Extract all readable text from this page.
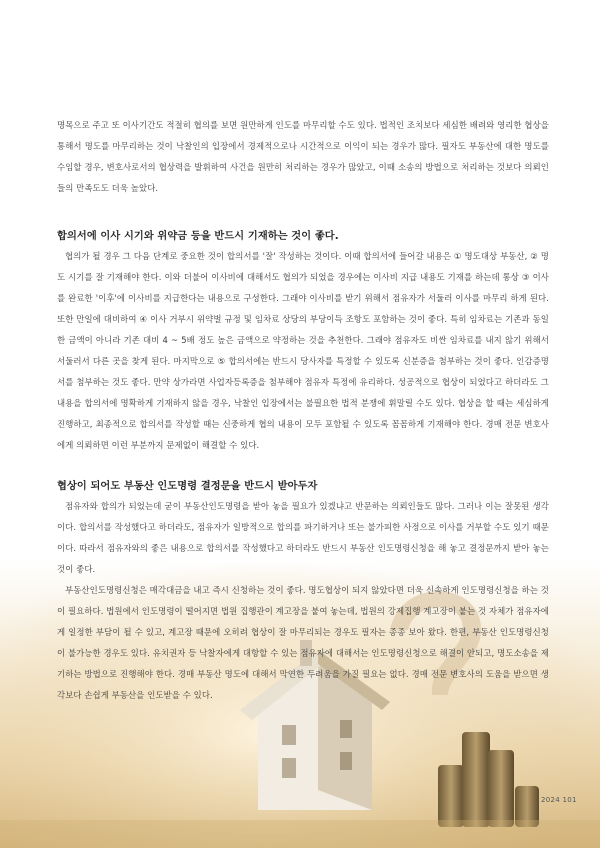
명목으로 주고 또 이사기간도 적절히 협의를 보면 원만하게 인도를 마무리할 수도 있다. 법적인 조치보다 세심한 배려와 영리한 협상을 통해서 명도를 마무리하는 것이 낙찰인의 입장에서 경제적으로나 시간적으로 이익이 되는 경우가 많다. 필자도 부동산에 대한 명도를 수임할 경우, 변호사로서의 협상력을 발휘하여 사건을 원만히 처리하는 경우가 많았고, 이때 소송의 방법으로 처리하는 것보다 의뢰인들의 만족도도 더욱 높았다.

합의서에 이사 시기와 위약금 등을 반드시 기재하는 것이 좋다.

협의가 될 경우 그 다음 단계로 중요한 것이 합의서를 '잘' 작성하는 것이다. 이때 합의서에 들어갈 내용은 ① 명도대상 부동산, ② 명도 시기를 잘 기재해야 한다. 이와 더불어 이사비에 대해서도 협의가 되었을 경우에는 이사비 지급 내용도 기재를 하는데 통상 ③ 이사를 완료한 '이후'에 이사비를 지급한다는 내용으로 구성한다. 그래야 이사비를 받기 위해서 점유자가 서둘러 이사를 마무리 하게 된다. 또한 만일에 대비하여 ④ 이사 거부시 위약벌 규정 및 임차료 상당의 부당이득 조항도 포함하는 것이 좋다. 특히 임차료는 기존과 동일한 금액이 아니라 기존 대비 4 ~ 5배 정도 높은 금액으로 약정하는 것을 추천한다. 그래야 점유자도 비싼 임차료를 내지 않기 위해서 서둘러서 다른 곳을 찾게 된다. 마지막으로 ⑤ 합의서에는 반드시 당사자를 특정할 수 있도록 신분증을 첨부하는 것이 좋다. 인감증명서를 첨부하는 것도 좋다. 만약 상가라면 사업자등록증을 첨부해야 점유자 특정에 유리하다. 성공적으로 협상이 되었다고 하더라도 그 내용을 합의서에 명확하게 기재하지 않을 경우, 낙찰인 입장에서는 불필요한 법적 분쟁에 휘말릴 수도 있다. 협상을 할 때는 세심하게 진행하고, 최종적으로 합의서를 작성할 때는 신중하게 협의 내용이 모두 포함될 수 있도록 꼼꼼하게 기재해야 한다. 경매 전문 변호사에게 의뢰하면 이런 부분까지 문제없이 해결할 수 있다.

협상이 되어도 부동산 인도명령 결정문을 반드시 받아두자

점유자와 합의가 되었는데 굳이 부동산인도명령을 받아 놓을 필요가 있겠냐고 반문하는 의뢰인들도 많다. 그러나 이는 잘못된 생각이다. 합의서를 작성했다고 하더라도, 점유자가 일방적으로 합의를 파기하거나 또는 불가피한 사정으로 이사를 거부할 수도 있기 때문이다. 따라서 점유자와의 좋은 내용으로 합의서를 작성했다고 하더라도 반드시 부동산 인도명령신청을 해 놓고 결정문까지 받아 놓는 것이 좋다.

부동산인도명령신청은 매각대금을 내고 즉시 신청하는 것이 좋다. 명도협상이 되지 않았다면 더욱 신속하게 인도명령신청을 하는 것이 필요하다. 법원에서 인도명령이 떨어지면 법원 집행관이 계고장을 붙여 놓는데, 법원의 강제집행 계고장이 붙는 것 자체가 점유자에게 일정한 부담이 될 수 있고, 계고장 때문에 오히려 협상이 잘 마무리되는 경우도 필자는 종종 보아 왔다. 한편, 부동산 인도명령신청이 불가능한 경우도 있다. 유치권자 등 낙찰자에게 대항할 수 있는 점유자에 대해서는 인도명령신청으로 해결이 안되고, 명도소송을 제기하는 방법으로 진행해야 한다. 경매 부동산 명도에 대해서 막연한 두려움을 가질 필요는 없다. 경매 전문 변호사의 도움을 받으면 생각보다 손쉽게 부동산을 인도받을 수 있다.

2024 101
